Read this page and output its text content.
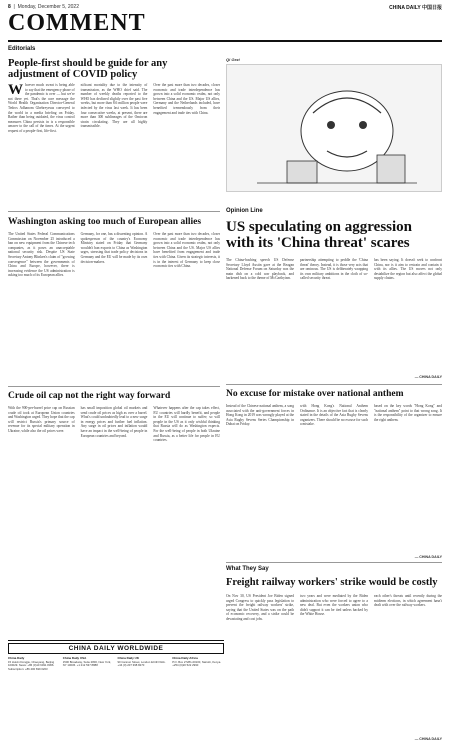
8  |  Monday, December 5, 2022	CHINA DAILY 中国日报
COMMENT
Editorials
People-first should be guide for any adjustment of COVID policy
Whoever much sweat is being able to say that the emergency phase of the pandemic is over — but we're not there yet. That's the core message the World Health Organization Director-General Tedros Adhanom Ghebreyesus conveyed to the world in a media briefing on Friday. Rather than being outdated, the virus control measures China persists in is a responsible answer to the call of the times. At the urgent request of a people-first, life-first.
nificant mortality due to the intensity of transmission, as the WHO chief said. The number of weekly deaths reported to the WHO has declined slightly over the past five weeks, but more than 8.6 million people were infected by the virus last week. It has been four consecutive weeks, at present, there are more than 300 sublineages of the Omicron strain circulating. They are all highly transmissible.
Over the past more than two decades, closer economic and trade interdependence has grown into a solid economic realm, not only between China and the US. Major US allies, Germany and the Netherlands included, have benefited tremendously from their engagement and trade ties with China.
Washington asking too much of European allies
The United States Federal Communications Commission on November 25 introduced a ban on new equipment from the Chinese tech companies, as it poses an unacceptable national security risk. Despite US State Secretary Antony Blinken's claim of "growing convergence" between the governments of China and Europe, however, there is increasing evidence the US administration is asking too much of its European allies.
Germany, for one, has a dissenting opinion. A spokesperson of the country's Economy Ministry stated on Friday that Germany wouldn't ban exports to China as Washington urges, stressing that trade policy decisions in Germany and the EU will be made by its own decision-makers.
Over the past more than two decades, closer economic and trade interdependence has grown into a solid economic realm, not only between China and the US. Major US allies have benefited from engagement and trade ties with China. Given its strategic interests, it is in the interest of Germany to keep close economic ties with China.
Crude oil cap not the right way forward
With the 900-per-barrel price cap on Russian crude oil took at European Union countries and Washington urged. They hope that the cap will restrict Russia's primary source of revenue for its special military operation in Ukraine, while also the oil prices were.
has small imposition global oil markets and send crude oil prices as high as over a barrel. What's could undoubtedly lead to a new surge in energy prices and further fuel inflation. Any surge in oil prices and inflation would have an impact in the well-being of people in European countries and beyond.
Whatever happens after the cap takes effect, EU countries will hardly benefit, and people in the EU will continue to suffer; so will people in the US as it only wishful thinking that Russia will do as Washington expects. For the well-being of people in both Ukraine and Russia, as a better life for people in EU countries.
Qi Gezi
Opinion Line
US speculating on aggression with its 'China threat' scares
The China-bashing speech US Defense Secretary Lloyd Austin gave at the Reagan National Defense Forum on Saturday was the main dish on a cold war playbook, and harkened back to the theme of McCarthyism.
partnership attempting to peddle the 'China threat' theory. Instead, it is those very acts that are ominous. The US is deliberately wrapping its own military ambitions in the cloth of so-called security threat.
has been saying. It doesn't seek to confront China, nor is it aim to restrain and contain it with its allies. The US moves not only destabilize the region but also affect the global supply chains.
— CHINA DAILY
No excuse for mistake over national anthem
Instead of the Chinese national anthem, a song associated with the anti-government forces in Hong Kong in 2019 was wrongly played at the Asia Rugby Sevens Series Championship in Dubai on Friday.
with Hong Kong's National Anthem Ordinance. It is an objective fact that is clearly stated in the details of the Asia Rugby Sevens organizers. There should be no excuse for such a mistake.
based on the key words "Hong Kong" and "national anthem" point to that wrong song. It is the responsibility of the organizer to ensure the right anthem.
— CHINA DAILY
What They Say
Freight railway workers' strike would be costly
On Nov 30, US President Joe Biden signed urged Congress to quickly pass legislation to prevent the freight railway workers' strike, saying that the United States was on the path of economic recovery, and a strike could be devastating and cost jobs.
two years and were mediated by the Biden administration who were forced to agree to a new deal. But even the workers union who didn't support it can be tied unless backed by the White House.
each other's threats until recently during the midterm elections, in which agreement hasn't dealt with over the railway workers.
— CHINA DAILY
CHINA DAILY WORLDWIDE
China Daily
15 Huixin Dongjie, Chaoyang, Beijing 100029. News: +86 (0)10 6491 8366. Subscription: +86 400 699 0203
China Daily USA
1500 Broadway, Suite 2800, New York, NY 10036. +1 212 537 8888
China Daily UK
90 Cannon Street, London EC4N 6HA. +44 (0) 207 398 8270
China Daily Africa
P.O. Box 27281-00100, Nairobi, Kenya. +254 (0)20 522 2990
